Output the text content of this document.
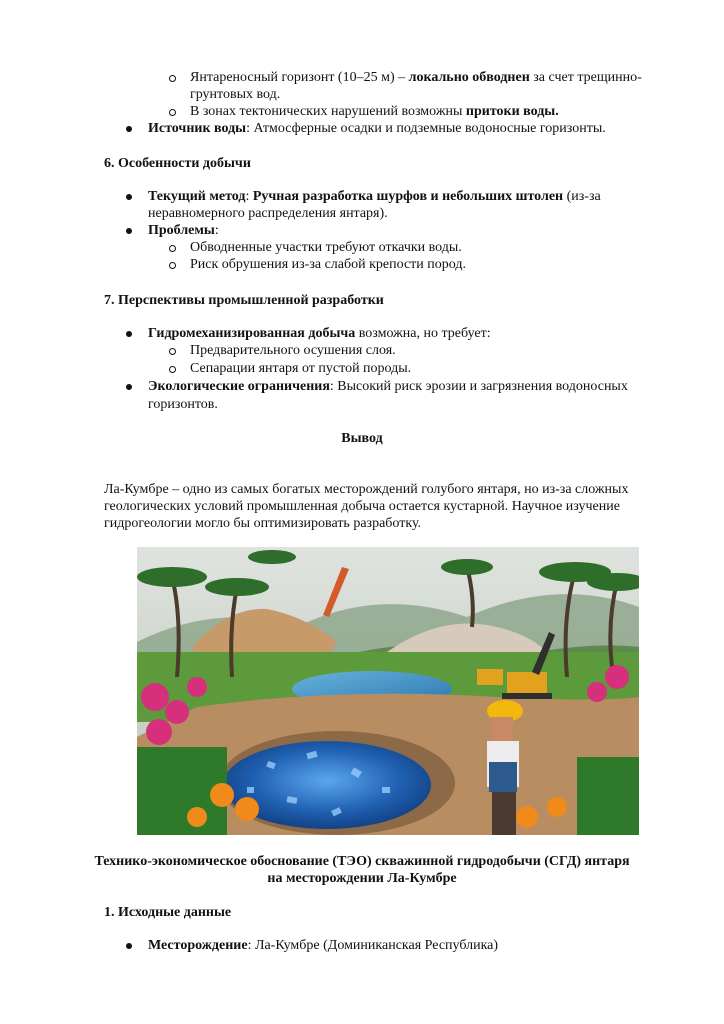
Янтареносный горизонт (10–25 м) – локально обводнен за счет трещинно-
грунтовых вод.
В зонах тектонических нарушений возможны притоки воды.
Источник воды: Атмосферные осадки и подземные водоносные горизонты.
6. Особенности добычи
Текущий метод: Ручная разработка шурфов и небольших штолен (из-за
неравномерного распределения янтаря).
Проблемы:
Обводненные участки требуют откачки воды.
Риск обрушения из-за слабой крепости пород.
7. Перспективы промышленной разработки
Гидромеханизированная добыча возможна, но требует:
Предварительного осушения слоя.
Сепарации янтаря от пустой породы.
Экологические ограничения: Высокий риск эрозии и загрязнения водоносных
горизонтов.
Вывод
Ла-Кумбре – одно из самых богатых месторождений голубого янтаря, но из-за сложных
геологических условий промышленная добыча остается кустарной. Научное изучение
гидрогеологии могло бы оптимизировать разработку.
Технико-экономическое обоснование (ТЭО) скважинной гидродобычи (СГД) янтаря
на месторождении Ла-Кумбре
1. Исходные данные
Месторождение: Ла-Кумбре (Доминиканская Республика)
